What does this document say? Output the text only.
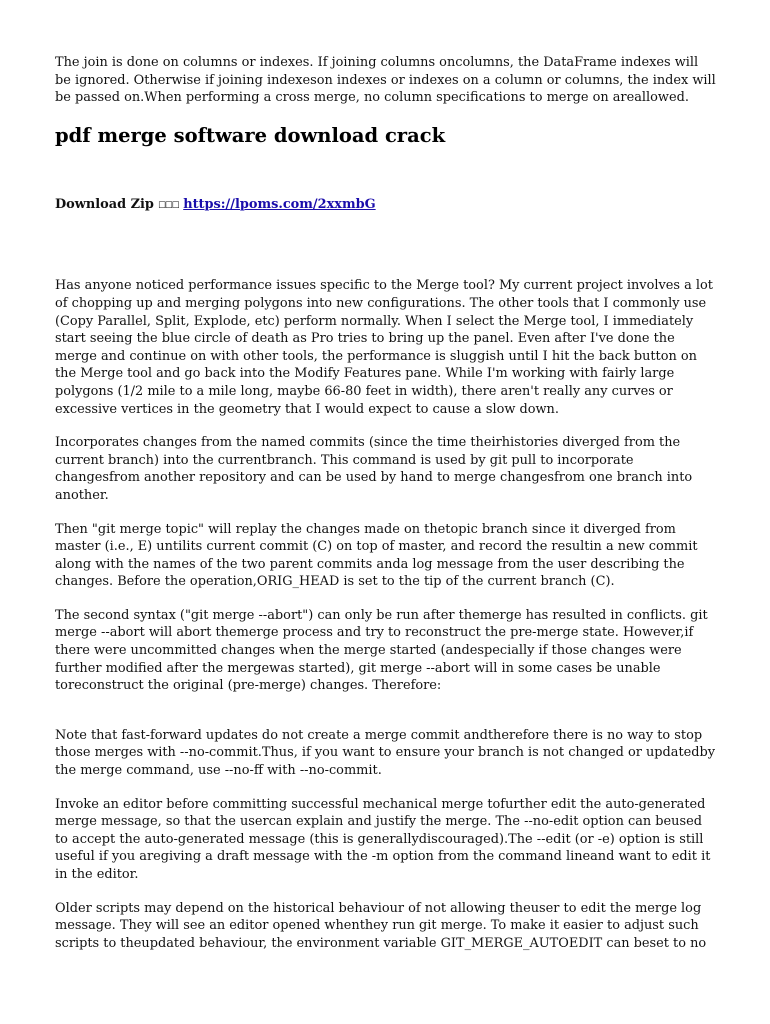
The join is done on columns or indexes. If joining columns oncolumns, the DataFrame indexes will be ignored. Otherwise if joining indexeson indexes or indexes on a column or columns, the index will be passed on.When performing a cross merge, no column specifications to merge on areallowed.

pdf merge software download crack
Download Zip ☐☐☐ https://lpoms.com/2xxmbG

Has anyone noticed performance issues specific to the Merge tool? My current project involves a lot of chopping up and merging polygons into new configurations. The other tools that I commonly use (Copy Parallel, Split, Explode, etc) perform normally. When I select the Merge tool, I immediately start seeing the blue circle of death as Pro tries to bring up the panel. Even after I've done the merge and continue on with other tools, the performance is sluggish until I hit the back button on the Merge tool and go back into the Modify Features pane. While I'm working with fairly large polygons (1/2 mile to a mile long, maybe 66-80 feet in width), there aren't really any curves or excessive vertices in the geometry that I would expect to cause a slow down.

Incorporates changes from the named commits (since the time theirhistories diverged from the current branch) into the currentbranch. This command is used by git pull to incorporate changesfrom another repository and can be used by hand to merge changesfrom one branch into another.

Then "git merge topic" will replay the changes made on thetopic branch since it diverged from master (i.e., E) untilits current commit (C) on top of master, and record the resultin a new commit along with the names of the two parent commits anda log message from the user describing the changes. Before the operation,ORIG_HEAD is set to the tip of the current branch (C).

The second syntax ("git merge --abort") can only be run after themerge has resulted in conflicts. git merge --abort will abort themerge process and try to reconstruct the pre-merge state. However,if there were uncommitted changes when the merge started (andespecially if those changes were further modified after the mergewas started), git merge --abort will in some cases be unable toreconstruct the original (pre-merge) changes. Therefore:

Note that fast-forward updates do not create a merge commit andtherefore there is no way to stop those merges with --no-commit.Thus, if you want to ensure your branch is not changed or updatedby the merge command, use --no-ff with --no-commit.

Invoke an editor before committing successful mechanical merge tofurther edit the auto-generated merge message, so that the usercan explain and justify the merge. The --no-edit option can beused to accept the auto-generated message (this is generallydiscouraged).The --edit (or -e) option is still useful if you aregiving a draft message with the -m option from the command lineand want to edit it in the editor.

Older scripts may depend on the historical behaviour of not allowing theuser to edit the merge log message. They will see an editor opened whenthey run git merge. To make it easier to adjust such scripts to theupdated behaviour, the environment variable GIT_MERGE_AUTOEDIT can beset to no
